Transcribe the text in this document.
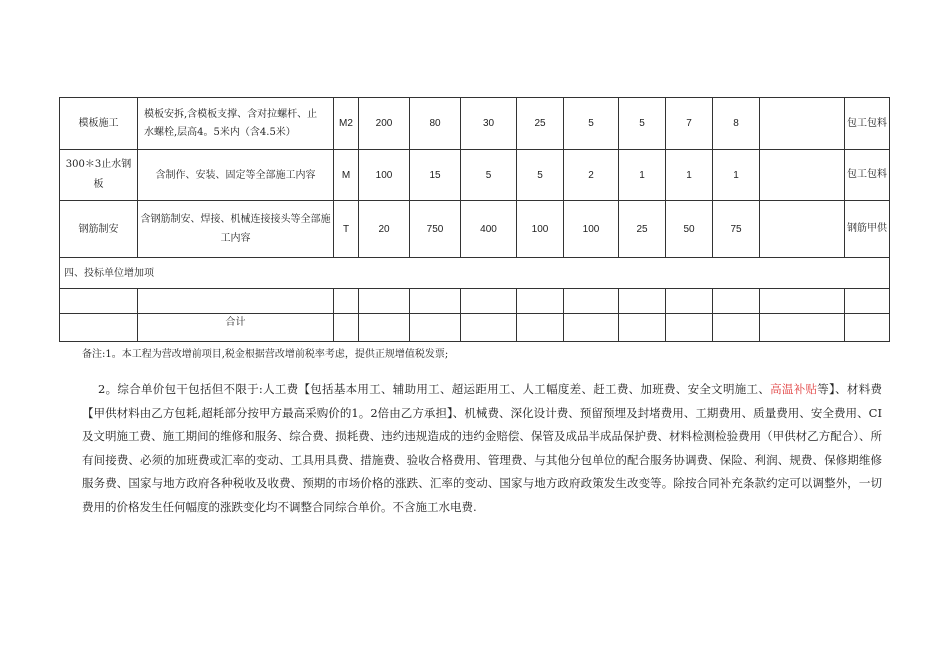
模板施工	模板安拆,含模板支撑、含对拉螺杆、止水螺栓,层高4。5米内（含4.5米）	M2	200	80	30	25	5	5	7	8		包工包料
300＊3止水钢板	含制作、安装、固定等全部施工内容	M	100	15	5	5	2	1	1	1		包工包料
钢筋制安	含钢筋制安、焊接、机械连接接头等全部施工内容	T	20	750	400	100	100	25	50	75		钢筋甲供
四、投标单位增加项												

	合计											
备注:1。本工程为营改增前项目,税金根据营改增前税率考虑，提供正规增值税发票;
2。综合单价包干包括但不限于:人工费【包括基本用工、辅助用工、超运距用工、人工幅度差、赶工费、加班费、安全文明施工、高温补贴等】、材料费【甲供材料由乙方包耗,超耗部分按甲方最高采购价的1。2倍由乙方承担】、机械费、深化设计费、预留预埋及封堵费用、工期费用、质量费用、安全费用、CI及文明施工费、施工期间的维修和服务、综合费、损耗费、违约违规造成的违约金赔偿、保管及成品半成品保护费、材料检测检验费用（甲供材乙方配合）、所有间接费、必须的加班费或汇率的变动、工具用具费、措施费、验收合格费用、管理费、与其他分包单位的配合服务协调费、保险、利润、规费、保修期维修服务费、国家与地方政府各种税收及收费、预期的市场价格的涨跌、汇率的变动、国家与地方政府政策发生改变等。除按合同补充条款约定可以调整外，一切费用的价格发生任何幅度的涨跌变化均不调整合同综合单价。不含施工水电费.
